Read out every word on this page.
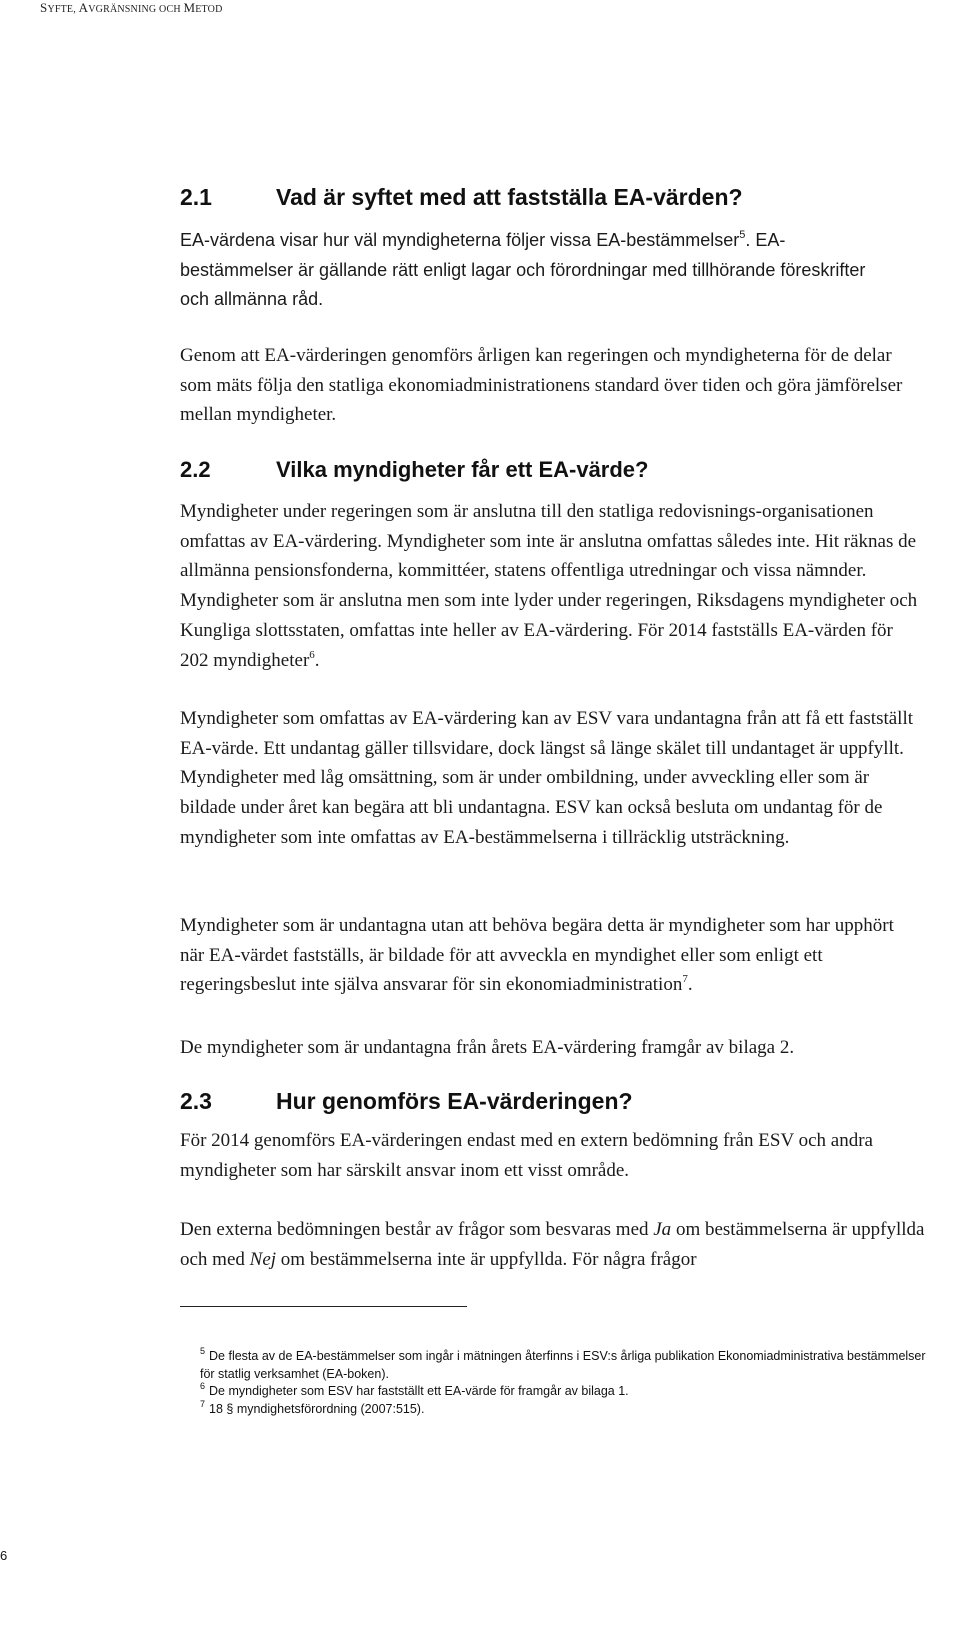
SYFTE, AVGRÄNSNING OCH METOD
2.1	Vad är syftet med att fastställa EA-värden?

EA-värdena visar hur väl myndigheterna följer vissa EA-bestämmelser$^5$. EA-bestämmelser är gällande rätt enligt lagar och förordningar med tillhörande föreskrifter och allmänna råd.

Genom att EA-värderingen genomförs årligen kan regeringen och myndigheterna för de delar som mäts följa den statliga ekonomiadministrationens standard över tiden och göra jämförelser mellan myndigheter.

2.2	Vilka myndigheter får ett EA-värde?

Myndigheter under regeringen som är anslutna till den statliga redovisnings-organisationen omfattas av EA-värdering. Myndigheter som inte är anslutna omfattas således inte. Hit räknas de allmänna pensionsfonderna, kommittéer, statens offentliga utredningar och vissa nämnder. Myndigheter som är anslutna men som inte lyder under regeringen, Riksdagens myndigheter och Kungliga slottsstaten, omfattas inte heller av EA-värdering. För 2014 fastställs EA-värden för 202 myndigheter$^6$.

Myndigheter som omfattas av EA-värdering kan av ESV vara undantagna från att få ett fastställt EA-värde. Ett undantag gäller tillsvidare, dock längst så länge skälet till undantaget är uppfyllt. Myndigheter med låg omsättning, som är under ombildning, under avveckling eller som är bildade under året kan begära att bli undantagna. ESV kan också besluta om undantag för de myndigheter som inte omfattas av EA-bestämmelserna i tillräcklig utsträckning.

Myndigheter som är undantagna utan att behöva begära detta är myndigheter som har upphört när EA-värdet fastställs, är bildade för att avveckla en myndighet eller som enligt ett regeringsbeslut inte själva ansvarar för sin ekonomiadministration$^7$.

De myndigheter som är undantagna från årets EA-värdering framgår av bilaga 2.

2.3	Hur genomförs EA-värderingen?

För 2014 genomförs EA-värderingen endast med en extern bedömning från ESV och andra myndigheter som har särskilt ansvar inom ett visst område.

Den externa bedömningen består av frågor som besvaras med Ja om bestämmelserna är uppfyllda och med Nej om bestämmelserna inte är uppfyllda. För några frågor

$^5$ De flesta av de EA-bestämmelser som ingår i mätningen återfinns i ESV:s årliga publikation Ekonomiadministrativa bestämmelser för statlig verksamhet (EA-boken).

$^6$ De myndigheter som ESV har fastställt ett EA-värde för framgår av bilaga 1.

$^7$ 18 § myndighetsförordning (2007:515).

6
